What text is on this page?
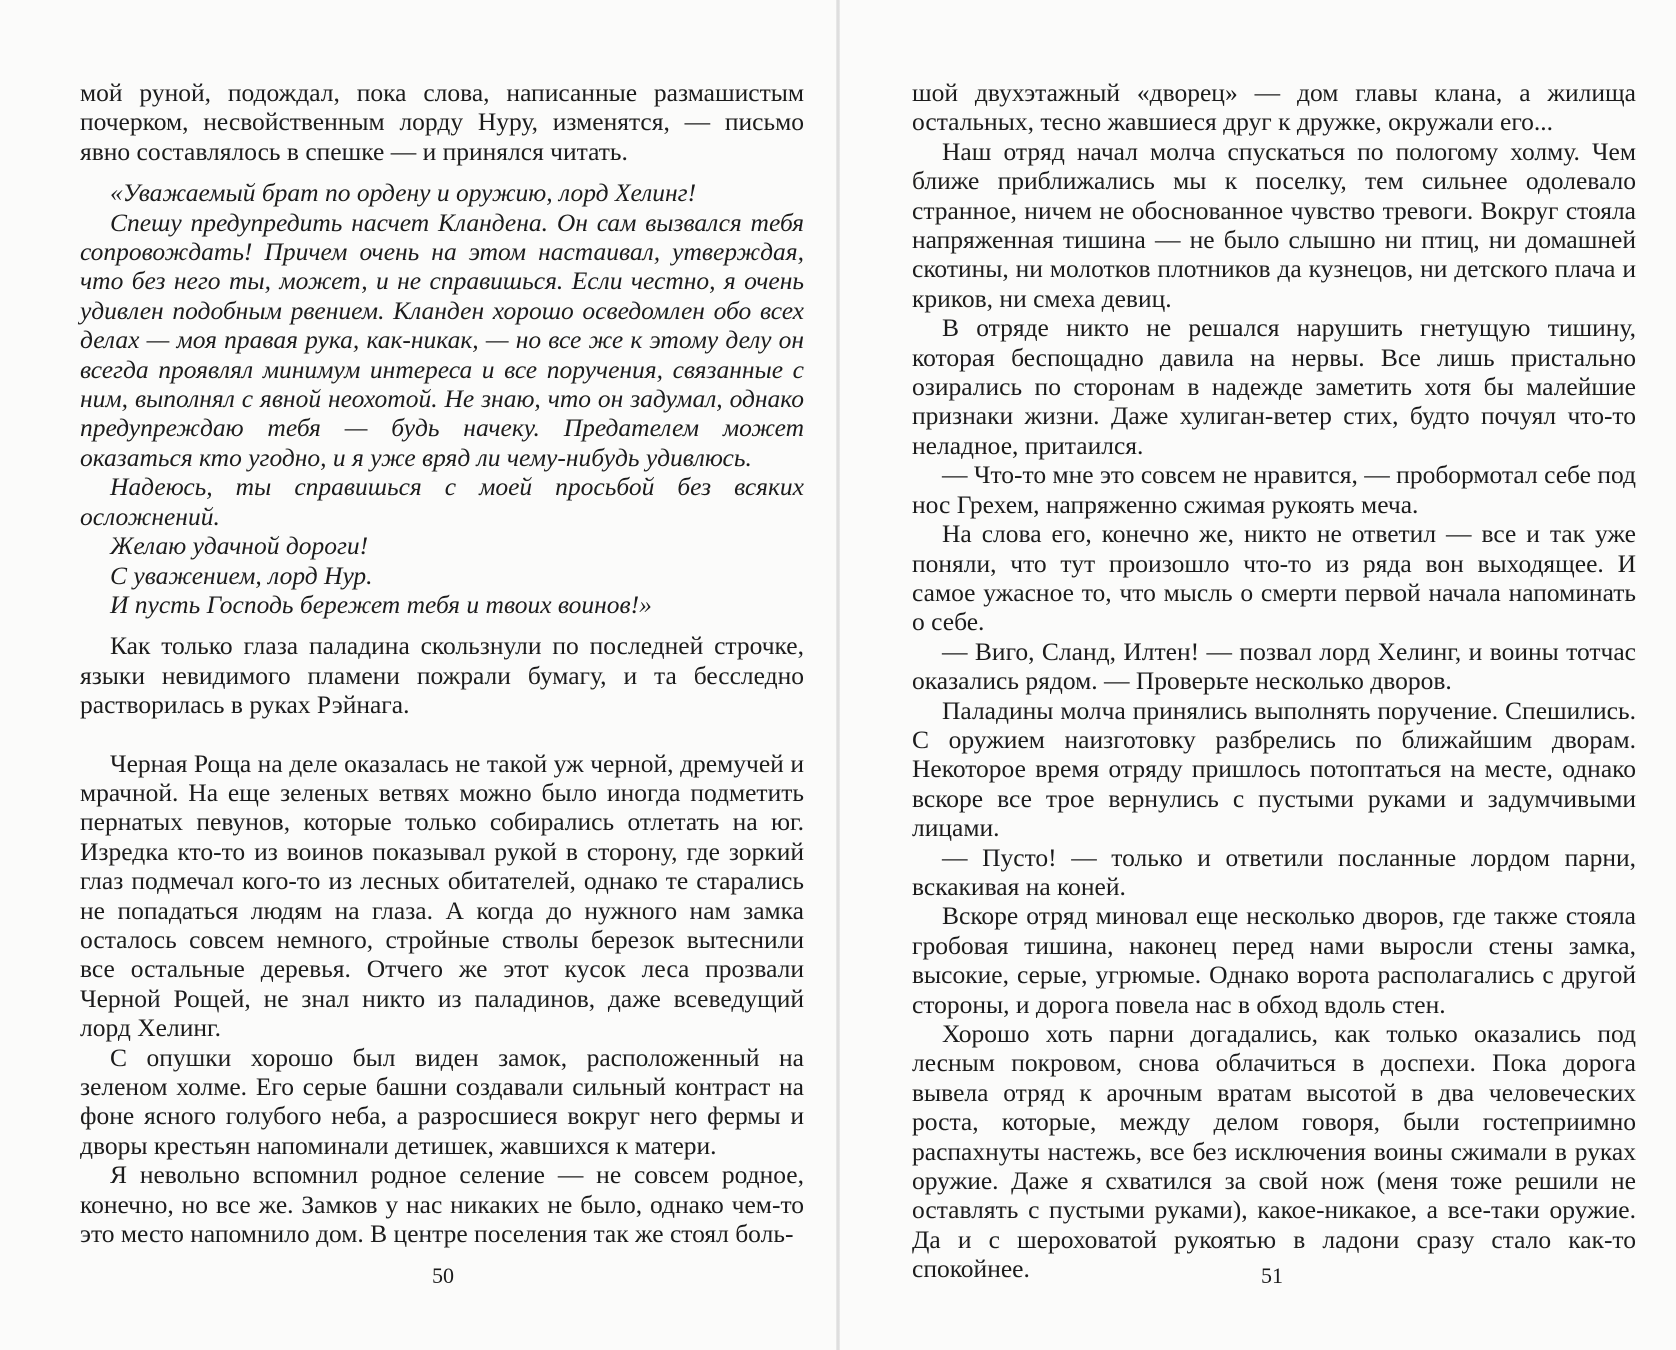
мой руной, подождал, пока слова, написанные размашистым почерком, несвойственным лорду Нуру, изменятся, — письмо явно составлялось в спешке — и принялся читать.

«Уважаемый брат по ордену и оружию, лорд Хелинг!

Спешу предупредить насчет Кландена. Он сам вызвался тебя сопровождать! Причем очень на этом настаивал, утверждая, что без него ты, может, и не справишься. Если честно, я очень удивлен подобным рвением. Кланден хорошо осведомлен обо всех делах — моя правая рука, как-никак, — но все же к этому делу он всегда проявлял минимум интереса и все поручения, связанные с ним, выполнял с явной неохотой. Не знаю, что он задумал, однако предупреждаю тебя — будь начеку. Предателем может оказаться кто угодно, и я уже вряд ли чему-нибудь удивлюсь.

Надеюсь, ты справишься с моей просьбой без всяких осложнений.

Желаю удачной дороги!

С уважением, лорд Нур.

И пусть Господь бережет тебя и твоих воинов!»

Как только глаза паладина скользнули по последней строчке, языки невидимого пламени пожрали бумагу, и та бесследно растворилась в руках Рэйнага.

Черная Роща на деле оказалась не такой уж черной, дремучей и мрачной. На еще зеленых ветвях можно было иногда подметить пернатых певунов, которые только собирались отлетать на юг. Изредка кто-то из воинов показывал рукой в сторону, где зоркий глаз подмечал кого-то из лесных обитателей, однако те старались не попадаться людям на глаза. А когда до нужного нам замка осталось совсем немного, стройные стволы березок вытеснили все остальные деревья. Отчего же этот кусок леса прозвали Черной Рощей, не знал никто из паладинов, даже всеведущий лорд Хелинг.

С опушки хорошо был виден замок, расположенный на зеленом холме. Его серые башни создавали сильный контраст на фоне ясного голубого неба, а разросшиеся вокруг него фермы и дворы крестьян напоминали детишек, жавшихся к матери.

Я невольно вспомнил родное селение — не совсем родное, конечно, но все же. Замков у нас никаких не было, однако чем-то это место напомнило дом. В центре поселения так же стоял боль-

50

шой двухэтажный «дворец» — дом главы клана, а жилища остальных, тесно жавшиеся друг к дружке, окружали его...

Наш отряд начал молча спускаться по пологому холму. Чем ближе приближались мы к поселку, тем сильнее одолевало странное, ничем не обоснованное чувство тревоги. Вокруг стояла напряженная тишина — не было слышно ни птиц, ни домашней скотины, ни молотков плотников да кузнецов, ни детского плача и криков, ни смеха девиц.

В отряде никто не решался нарушить гнетущую тишину, которая беспощадно давила на нервы. Все лишь пристально озирались по сторонам в надежде заметить хотя бы малейшие признаки жизни. Даже хулиган-ветер стих, будто почуял что-то неладное, притаился.

— Что-то мне это совсем не нравится, — пробормотал себе под нос Грехем, напряженно сжимая рукоять меча.

На слова его, конечно же, никто не ответил — все и так уже поняли, что тут произошло что-то из ряда вон выходящее. И самое ужасное то, что мысль о смерти первой начала напоминать о себе.

— Виго, Сланд, Илтен! — позвал лорд Хелинг, и воины тотчас оказались рядом. — Проверьте несколько дворов.

Паладины молча принялись выполнять поручение. Спешились. С оружием наизготовку разбрелись по ближайшим дворам. Некоторое время отряду пришлось потоптаться на месте, однако вскоре все трое вернулись с пустыми руками и задумчивыми лицами.

— Пусто! — только и ответили посланные лордом парни, вскакивая на коней.

Вскоре отряд миновал еще несколько дворов, где также стояла гробовая тишина, наконец перед нами выросли стены замка, высокие, серые, угрюмые. Однако ворота располагались с другой стороны, и дорога повела нас в обход вдоль стен.

Хорошо хоть парни догадались, как только оказались под лесным покровом, снова облачиться в доспехи. Пока дорога вывела отряд к арочным вратам высотой в два человеческих роста, которые, между делом говоря, были гостеприимно распахнуты настежь, все без исключения воины сжимали в руках оружие. Даже я схватился за свой нож (меня тоже решили не оставлять с пустыми руками), какое-никакое, а все-таки оружие. Да и с шероховатой рукоятью в ладони сразу стало как-то спокойнее.	51
